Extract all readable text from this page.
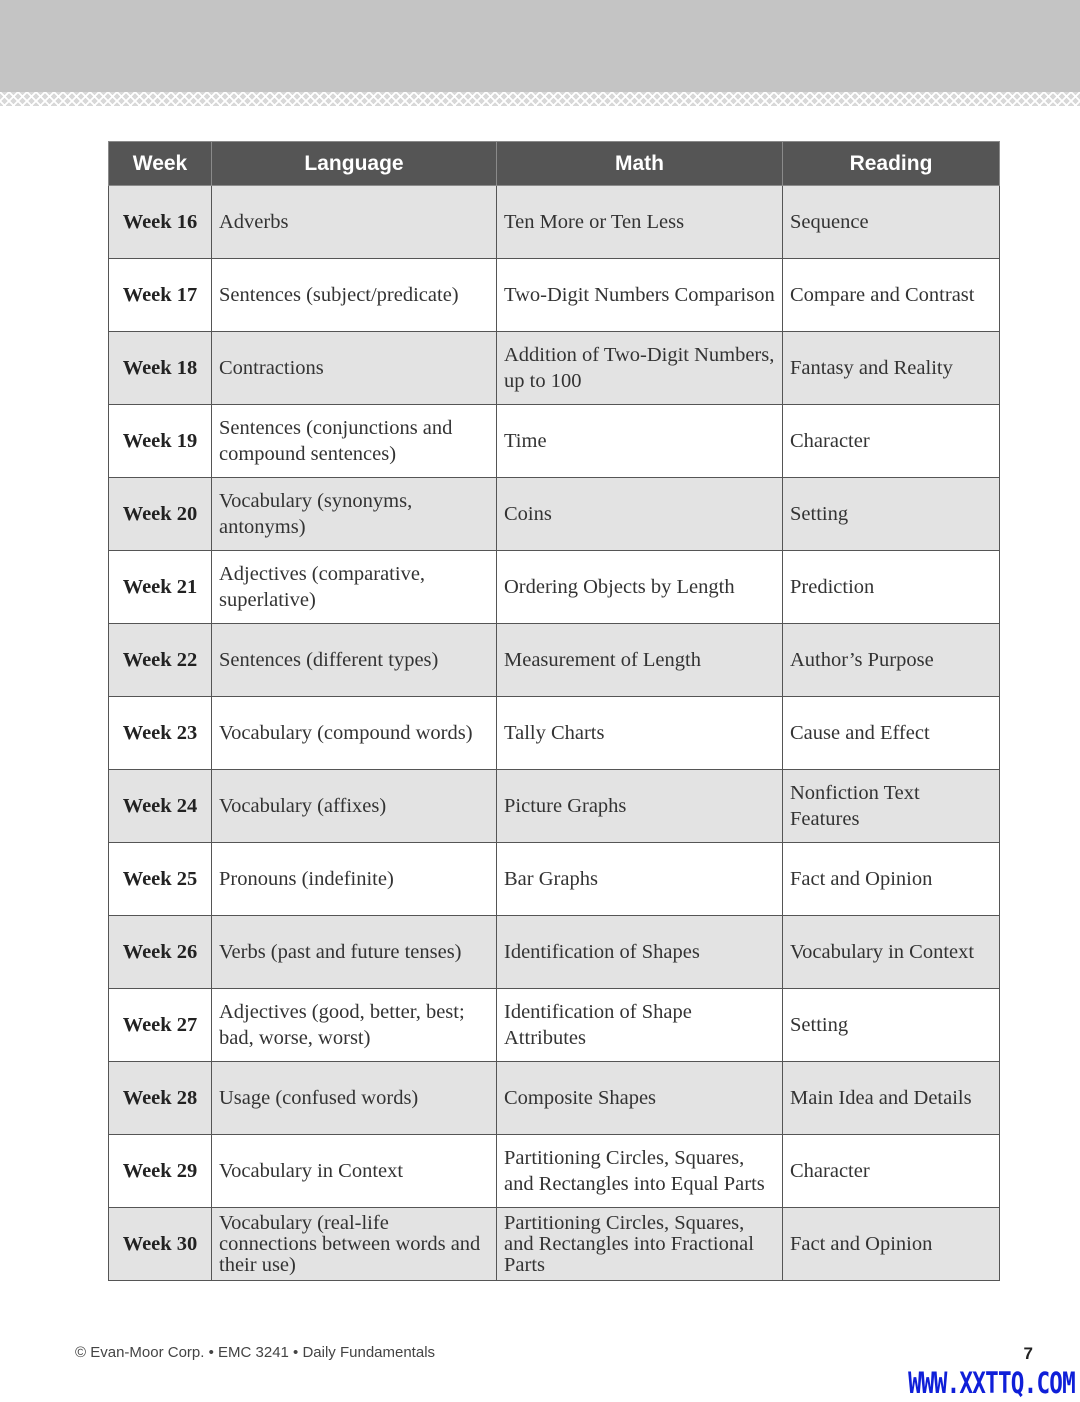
Week	Language	Math	Reading
Week 16	Adverbs	Ten More or Ten Less	Sequence
Week 17	Sentences (subject/predicate)	Two-Digit Numbers Comparison	Compare and Contrast
Week 18	Contractions	Addition of Two-Digit Numbers, up to 100	Fantasy and Reality
Week 19	Sentences (conjunctions and compound sentences)	Time	Character
Week 20	Vocabulary (synonyms, antonyms)	Coins	Setting
Week 21	Adjectives (comparative, superlative)	Ordering Objects by Length	Prediction
Week 22	Sentences (different types)	Measurement of Length	Author’s Purpose
Week 23	Vocabulary (compound words)	Tally Charts	Cause and Effect
Week 24	Vocabulary (affixes)	Picture Graphs	Nonfiction Text Features
Week 25	Pronouns (indefinite)	Bar Graphs	Fact and Opinion
Week 26	Verbs (past and future tenses)	Identification of Shapes	Vocabulary in Context
Week 27	Adjectives (good, better, best; bad, worse, worst)	Identification of Shape Attributes	Setting
Week 28	Usage (confused words)	Composite Shapes	Main Idea and Details
Week 29	Vocabulary in Context	Partitioning Circles, Squares, and Rectangles into Equal Parts	Character
Week 30	Vocabulary (real-life connections between words and their use)	Partitioning Circles, Squares, and Rectangles into Fractional Parts	Fact and Opinion
© Evan-Moor Corp. • EMC 3241 • Daily Fundamentals	7
WWW.XXTTQ.COM
